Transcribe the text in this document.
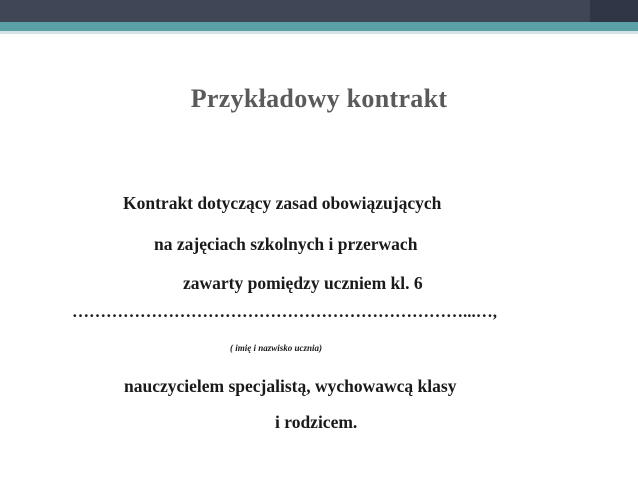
Przykładowy kontrakt
Kontrakt dotyczący zasad obowiązujących
na zajęciach szkolnych i przerwach
zawarty pomiędzy uczniem kl. 6
……………………………………………………………...…,
( imię i nazwisko ucznia)
nauczycielem specjalistą, wychowawcą klasy
i rodzicem.
